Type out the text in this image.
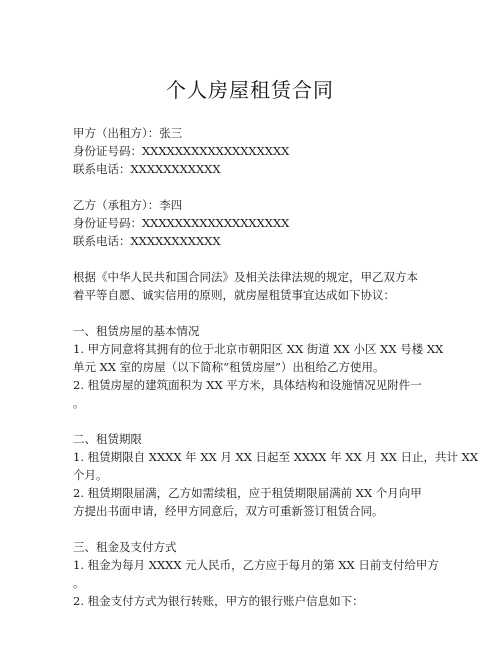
个人房屋租赁合同
甲方（出租方）：张三
身份证号码：XXXXXXXXXXXXXXXXXX
联系电话：XXXXXXXXXXX
乙方（承租方）：李四
身份证号码：XXXXXXXXXXXXXXXXXX
联系电话：XXXXXXXXXXX
根据《中华人民共和国合同法》及相关法律法规的规定，甲乙双方本
着平等自愿、诚实信用的原则，就房屋租赁事宜达成如下协议：
一、租赁房屋的基本情况
1. 甲方同意将其拥有的位于北京市朝阳区 XX 街道 XX 小区 XX 号楼 XX
单元 XX 室的房屋（以下简称“租赁房屋”）出租给乙方使用。
2. 租赁房屋的建筑面积为 XX 平方米，具体结构和设施情况见附件一
。
二、租赁期限
1. 租赁期限自 XXXX 年 XX 月 XX 日起至 XXXX 年 XX 月 XX 日止，共计 XX
个月。
2. 租赁期限届满，乙方如需续租，应于租赁期限届满前 XX 个月向甲
方提出书面申请，经甲方同意后，双方可重新签订租赁合同。
三、租金及支付方式
1. 租金为每月 XXXX 元人民币，乙方应于每月的第 XX 日前支付给甲方
。
2. 租金支付方式为银行转账，甲方的银行账户信息如下：
